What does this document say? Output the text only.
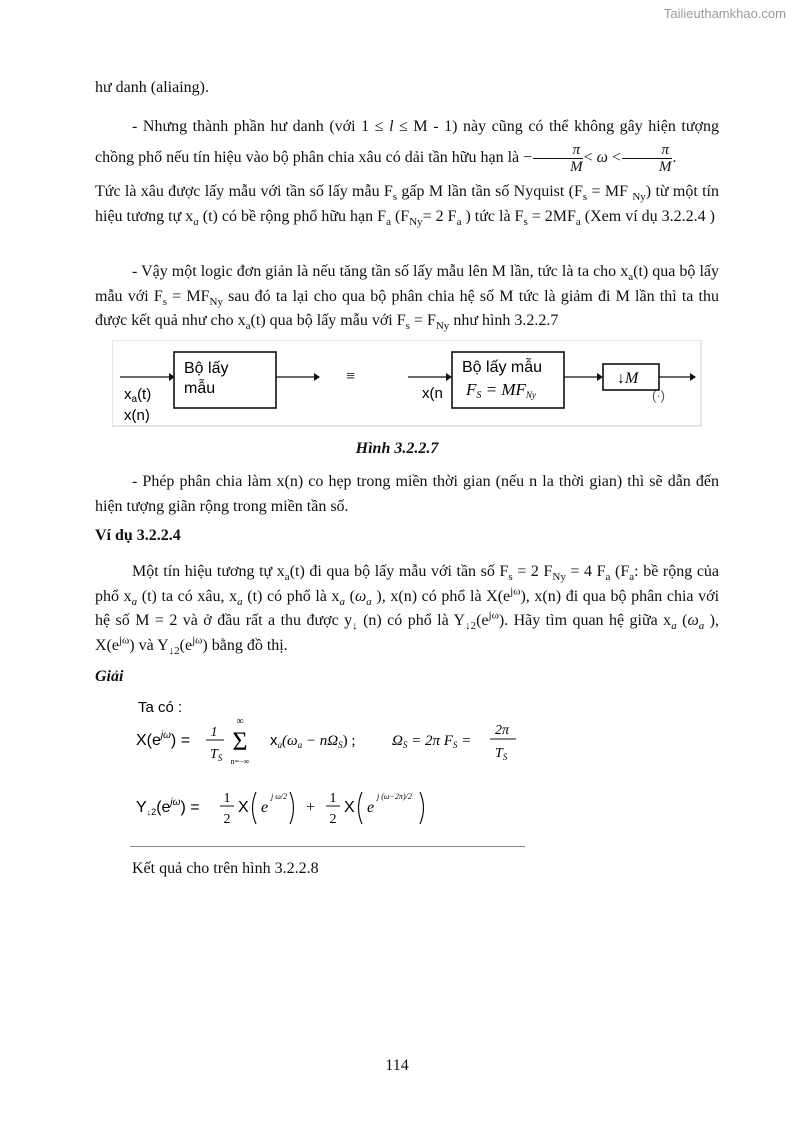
Tailieuthamkhao.com
hư danh (aliaing).
- Nhưng thành phần hư danh (với 1 ≤ l ≤ M - 1) này cũng có thể không gây hiện tượng chồng phổ nếu tín hiệu vào bộ phân chia xâu có dải tần hữu hạn là − $\frac{\pi}{M} < \omega < \frac{\pi}{M}$ .
Tức là xâu được lấy mẫu với tần số lấy mẫu $F_s$ gấp M lần tần số Nyquist ($F_s$ = MF $_{Ny}$) từ một tín hiệu tương tự $x_a$ (t) có bề rộng phổ hữu hạn $F_a$ ($F_{Ny}= 2$ $F_a$ ) tức là $F_s = 2MF_a$ (Xem ví dụ 3.2.2.4 )
- Vậy một logic đơn giản là nếu tăng tần số lấy mẫu lên M lần, tức là ta cho $x_a(t)$ qua bộ lấy mẫu với $F_s = MF_{Ny}$ sau đó ta lại cho qua bộ phân chia hệ số M tức là giảm đi M lần thì ta thu được kết quả như cho $x_a(t)$ qua bộ lấy mẫu với $F_s = F_{Ny}$ như hình 3.2.2.7
$x_a(t)$
x(n)
Bộ lấy
mẫu
≡
x(n
Bộ lấy mẫu
FS = MFNy
↓M
(·)
Hình 3.2.2.7
- Phép phân chia làm x(n) co hẹp trong miền thời gian (nếu n la thời gian) thì sẽ dẫn đến hiện tượng giãn rộng trong miền tần số.
Ví dụ 3.2.2.4
Một tín hiệu tương tự $x_a(t)$ đi qua bộ lấy mẫu với tần số $F_s = 2$ $F_{Ny} = 4$ $F_a$ ($F_a$: bề rộng của phổ $x_a$ (t) ta có xâu, $x_a$ (t) có phổ là $x_a$ ($\omega_a$ ), x(n) có phổ là $X(e^{j\omega})$, x(n) đi qua bộ phân chia với hệ số M = 2 và ở đầu rất a thu được $y_↓$ (n) có phổ là $Y_{↓2}(e^{j\omega})$. Hãy tìm quan hệ giữa $x_a$ ($\omega_a$ ), $X(e^{j\omega})$ và $Y_{↓2}(e^{j\omega})$ bằng đồ thị.
Giải
Ta có :
$X(e^{j\omega}) = 1$
$T_S$
∞
Σ
n=−∞
$x_a(\omega_a - n\Omega_S)$ ; $\Omega_S = 2\pi$ $F_S$ =
2π
$T_S$
$Y↓2(e^{j\omega})$ =
1
2
X e
j ω/2
+
1
2
X e
j (ω−2π)/2
Kết quả cho trên hình 3.2.2.8
114
